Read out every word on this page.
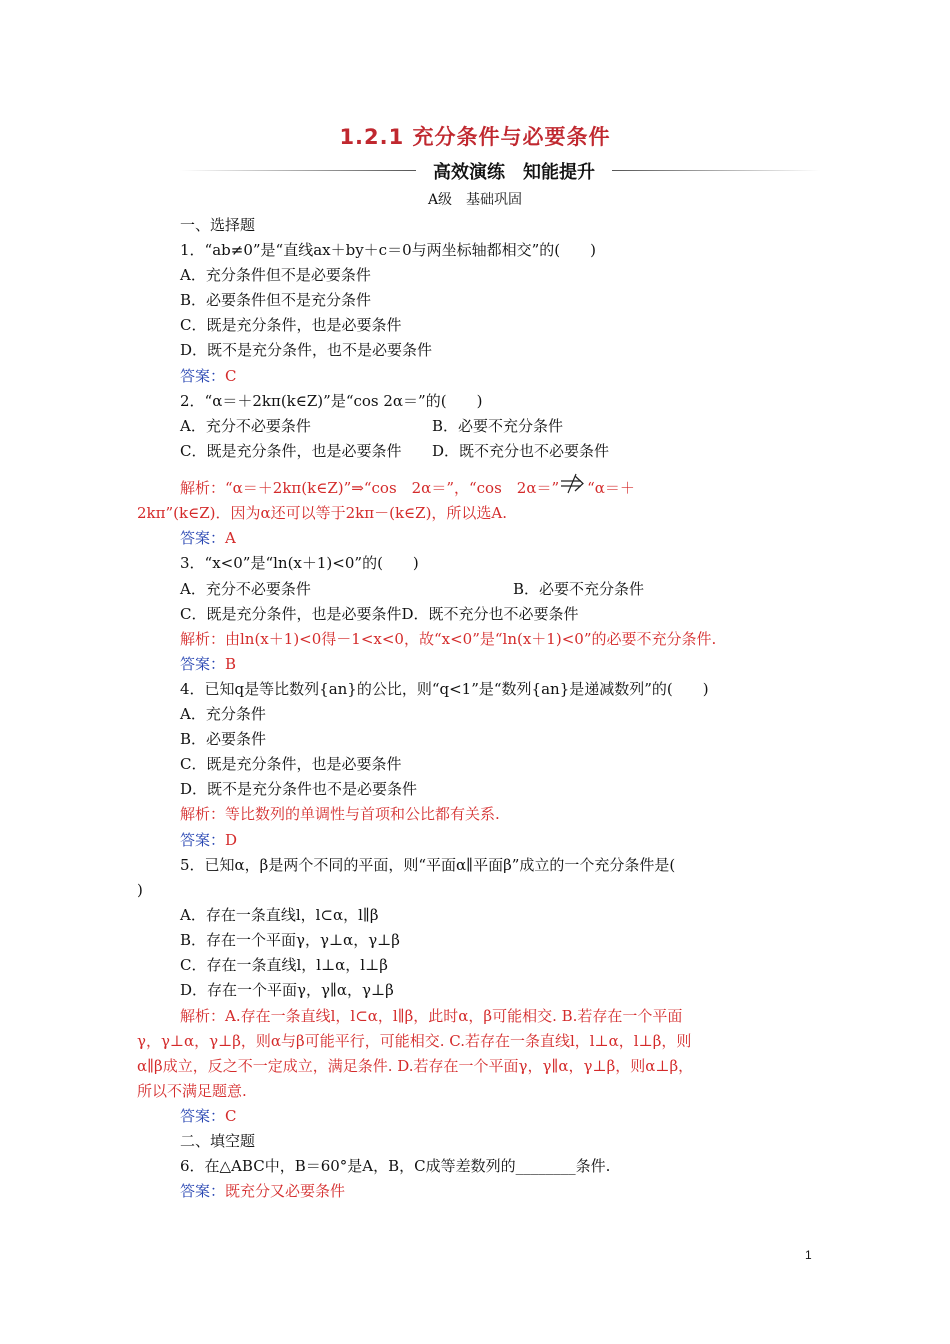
1.2.1 充分条件与必要条件
高效演练　知能提升
A级　基础巩固
一、选择题
1．“ab≠0”是“直线ax＋by＋c＝0与两坐标轴都相交”的(　　)
A．充分条件但不是必要条件
B．必要条件但不是充分条件
C．既是充分条件，也是必要条件
D．既不是充分条件，也不是必要条件
答案：C
2．“α＝＋2kπ(k∈Z)”是“cos 2α＝”的(　　)
A．充分不必要条件	B．必要不充分条件
C．既是充分条件，也是必要条件 D．既不充分也不必要条件
解析：“α＝＋2kπ(k∈Z)”⇒“cos　2α＝”，“cos　2α＝” “α＝＋
2kπ”(k∈Z)．因为α还可以等于2kπ－(k∈Z)，所以选A.
答案：A
3．“x<0”是“ln(x＋1)<0”的(　　)
A．充分不必要条件	B．必要不充分条件
C．既是充分条件，也是必要条件D．既不充分也不必要条件
解析：由ln(x＋1)<0得－1<x<0，故“x<0”是“ln(x＋1)<0”的必要不充分条件.
答案：B
4．已知q是等比数列{an}的公比，则“q<1”是“数列{an}是递减数列”的(　　)
A．充分条件
B．必要条件
C．既是充分条件，也是必要条件
D．既不是充分条件也不是必要条件
解析：等比数列的单调性与首项和公比都有关系.
答案：D
5．已知α，β是两个不同的平面，则“平面α∥平面β”成立的一个充分条件是(
)
A．存在一条直线l，l⊂α，l∥β
B．存在一个平面γ，γ⊥α，γ⊥β
C．存在一条直线l，l⊥α，l⊥β
D．存在一个平面γ，γ∥α，γ⊥β
解析：A.存在一条直线l，l⊂α，l∥β，此时α，β可能相交. B.若存在一个平面
γ，γ⊥α，γ⊥β，则α与β可能平行，可能相交. C.若存在一条直线l，l⊥α，l⊥β，则
α∥β成立，反之不一定成立，满足条件. D.若存在一个平面γ，γ∥α，γ⊥β，则α⊥β，
所以不满足题意.
答案：C
二、填空题
6．在△ABC中，B＝60°是A，B，C成等差数列的________条件.
答案：既充分又必要条件
1
